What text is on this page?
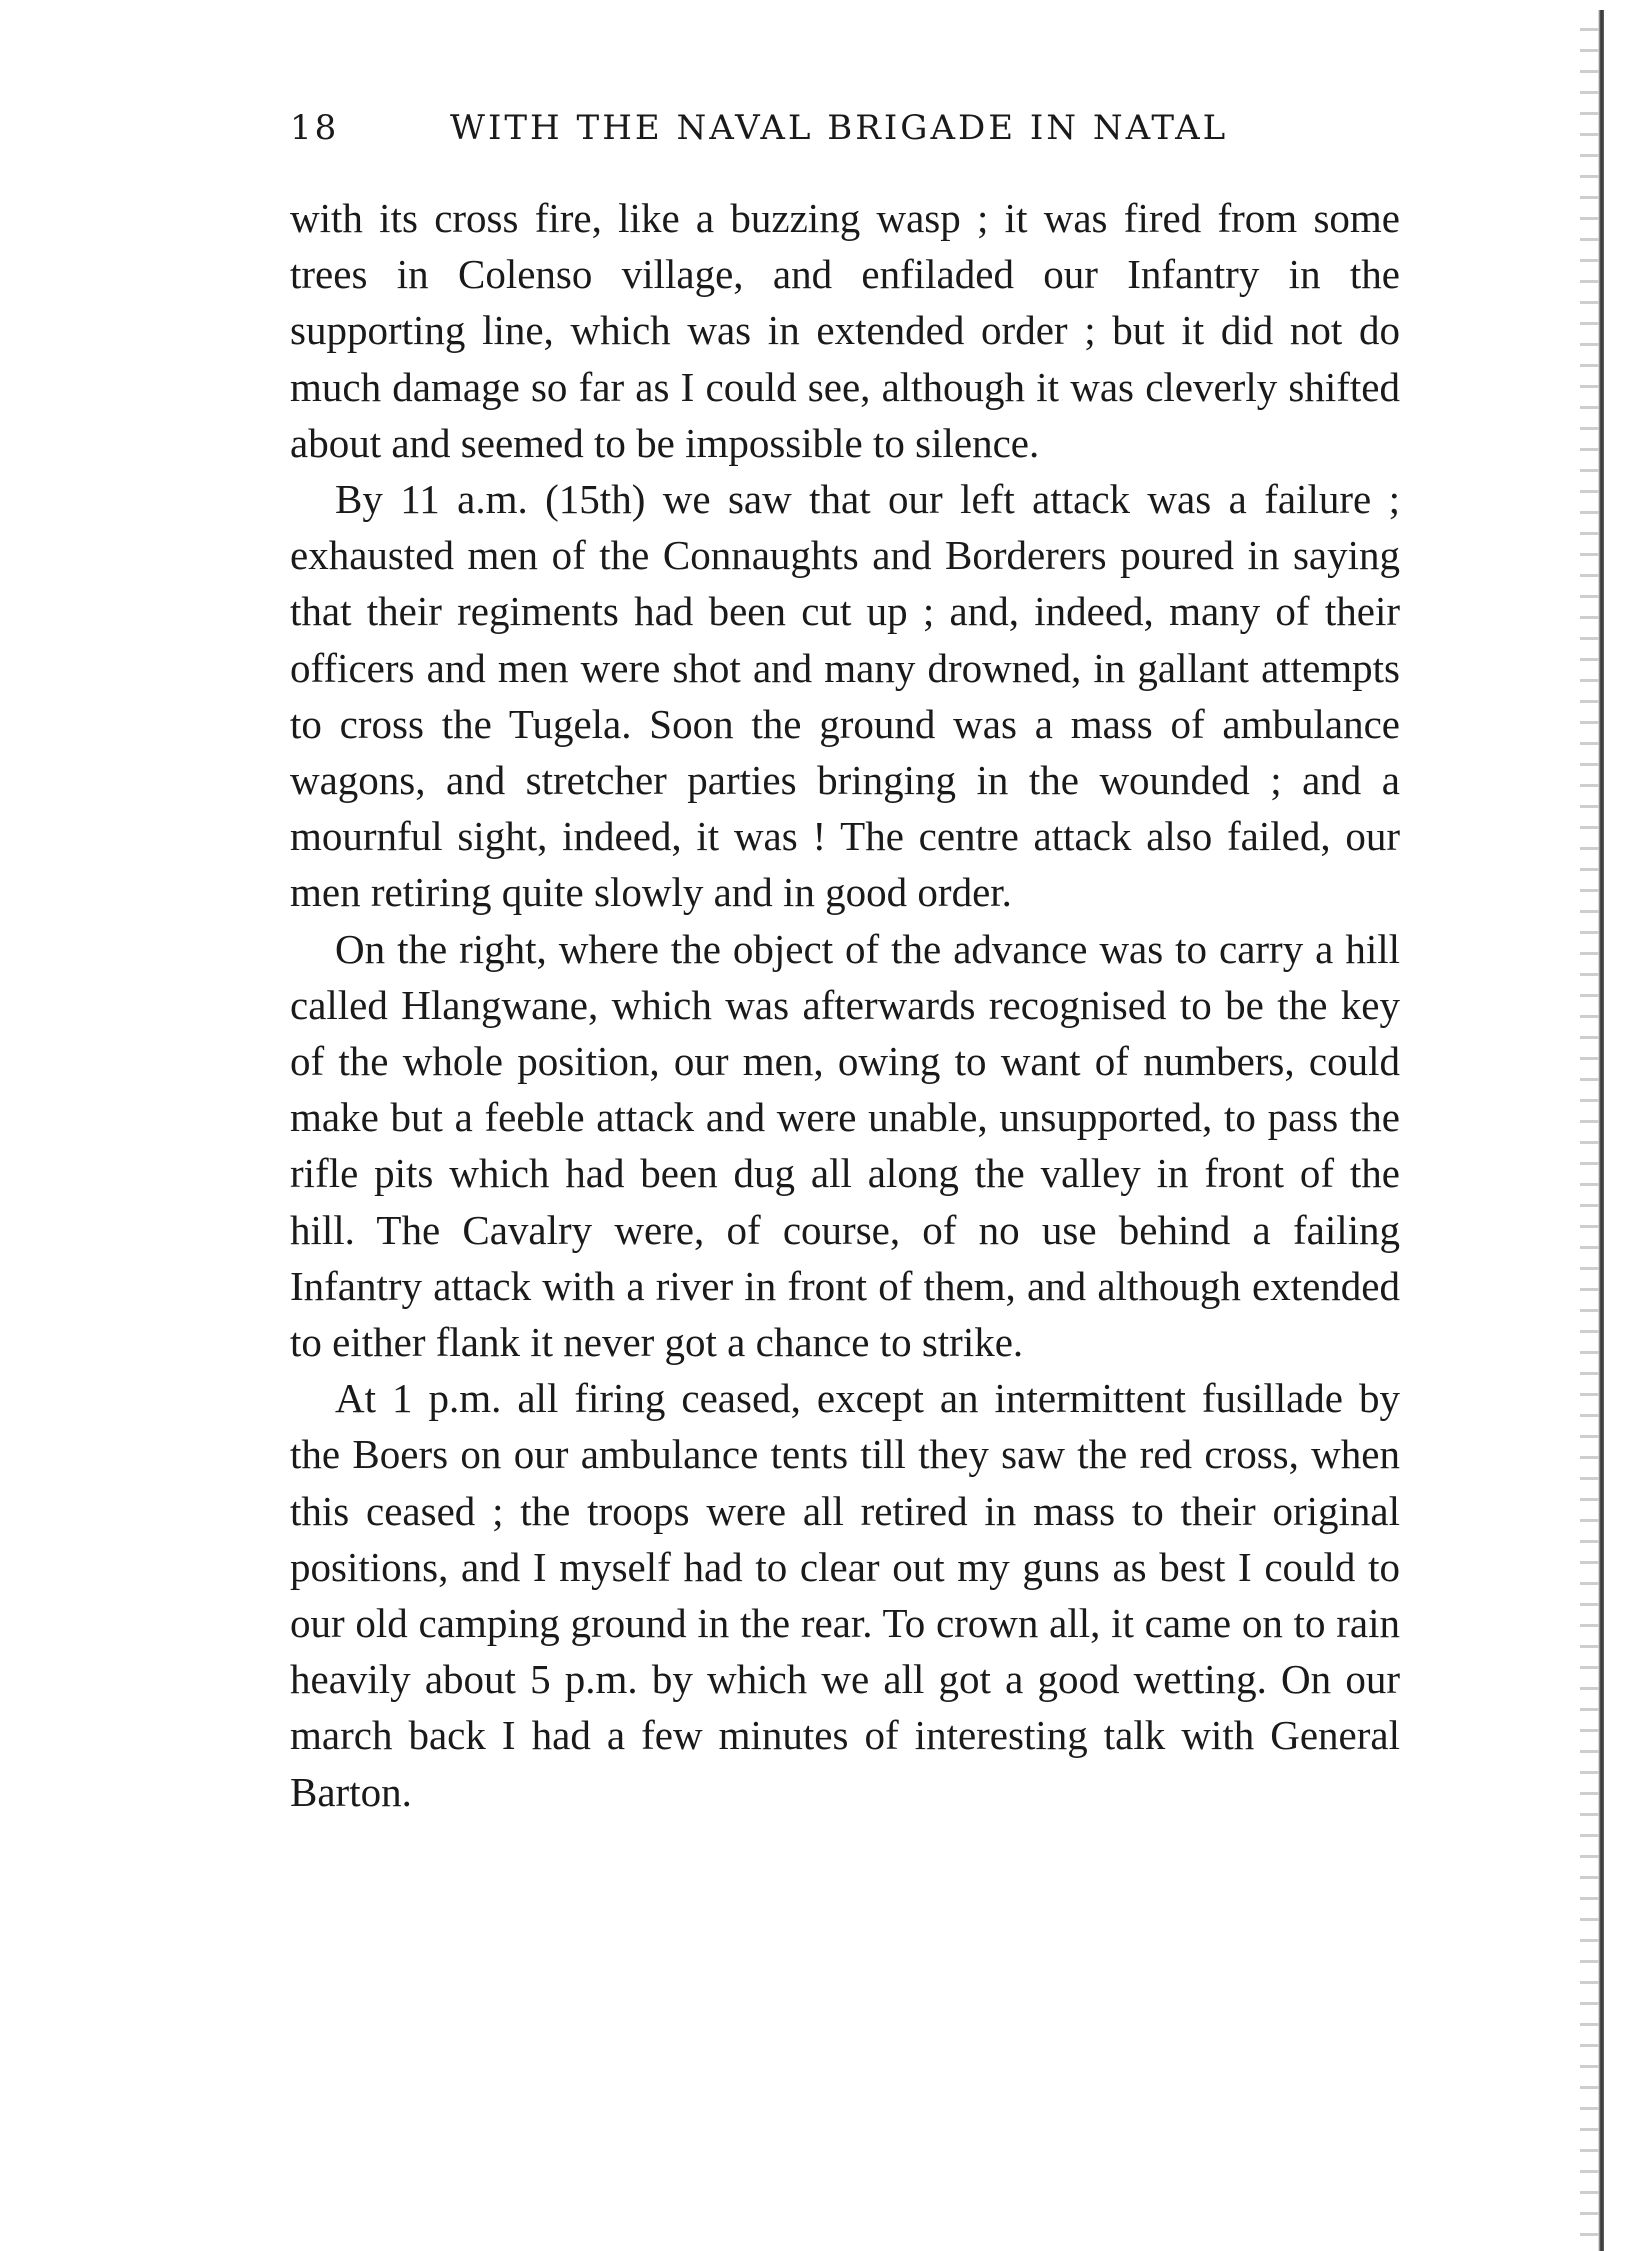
18	WITH THE NAVAL BRIGADE IN NATAL

with its cross fire, like a buzzing wasp ; it was fired from some trees in Colenso village, and enfiladed our Infantry in the supporting line, which was in extended order ; but it did not do much damage so far as I could see, although it was cleverly shifted about and seemed to be impossible to silence.

By 11 a.m. (15th) we saw that our left attack was a failure ; exhausted men of the Connaughts and Borderers poured in saying that their regiments had been cut up ; and, indeed, many of their officers and men were shot and many drowned, in gallant attempts to cross the Tugela. Soon the ground was a mass of ambulance wagons, and stretcher parties bringing in the wounded ; and a mournful sight, indeed, it was ! The centre attack also failed, our men retiring quite slowly and in good order.

On the right, where the object of the advance was to carry a hill called Hlangwane, which was afterwards recognised to be the key of the whole position, our men, owing to want of numbers, could make but a feeble attack and were unable, unsupported, to pass the rifle pits which had been dug all along the valley in front of the hill. The Cavalry were, of course, of no use behind a failing Infantry attack with a river in front of them, and although extended to either flank it never got a chance to strike.

At 1 p.m. all firing ceased, except an intermittent fusillade by the Boers on our ambulance tents till they saw the red cross, when this ceased ; the troops were all retired in mass to their original positions, and I myself had to clear out my guns as best I could to our old camping ground in the rear. To crown all, it came on to rain heavily about 5 p.m. by which we all got a good wetting. On our march back I had a few minutes of interesting talk with General Barton.
